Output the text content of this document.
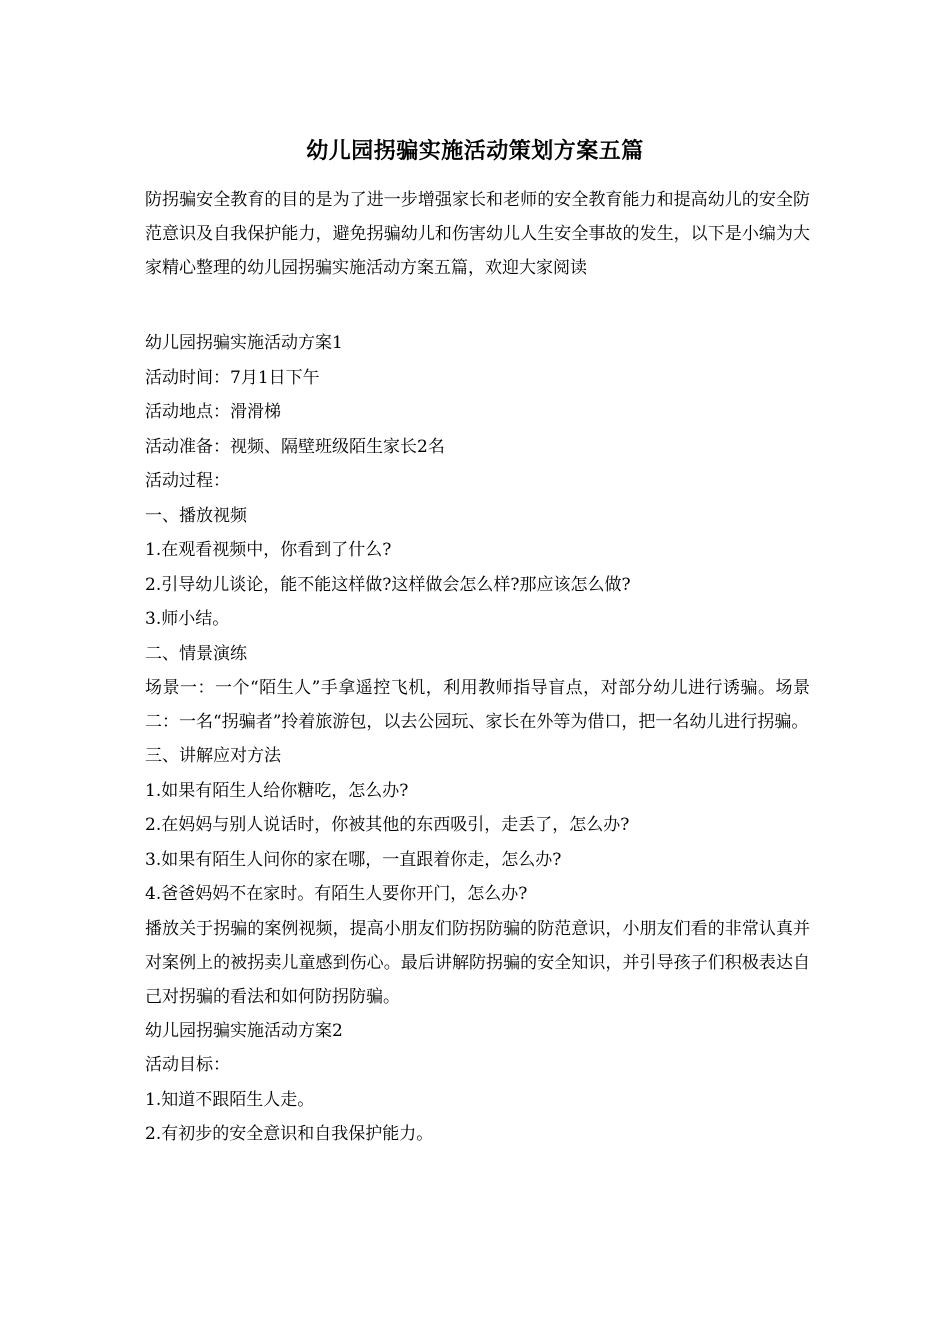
幼儿园拐骗实施活动策划方案五篇
防拐骗安全教育的目的是为了进一步增强家长和老师的安全教育能力和提高幼儿的安全防范意识及自我保护能力，避免拐骗幼儿和伤害幼儿人生安全事故的发生，以下是小编为大家精心整理的幼儿园拐骗实施活动方案五篇，欢迎大家阅读
幼儿园拐骗实施活动方案1
活动时间：7月1日下午
活动地点：滑滑梯
活动准备：视频、隔壁班级陌生家长2名
活动过程：
一、播放视频
1.在观看视频中，你看到了什么?
2.引导幼儿谈论，能不能这样做?这样做会怎么样?那应该怎么做?
3.师小结。
二、情景演练
场景一：一个“陌生人”手拿遥控飞机，利用教师指导盲点，对部分幼儿进行诱骗。场景二：一名“拐骗者”拎着旅游包，以去公园玩、家长在外等为借口，把一名幼儿进行拐骗。
三、讲解应对方法
1.如果有陌生人给你糖吃，怎么办?
2.在妈妈与别人说话时，你被其他的东西吸引，走丢了，怎么办?
3.如果有陌生人问你的家在哪，一直跟着你走，怎么办?
4.爸爸妈妈不在家时。有陌生人要你开门，怎么办?
播放关于拐骗的案例视频，提高小朋友们防拐防骗的防范意识，小朋友们看的非常认真并对案例上的被拐卖儿童感到伤心。最后讲解防拐骗的安全知识，并引导孩子们积极表达自己对拐骗的看法和如何防拐防骗。
幼儿园拐骗实施活动方案2
活动目标：
1.知道不跟陌生人走。
2.有初步的安全意识和自我保护能力。
